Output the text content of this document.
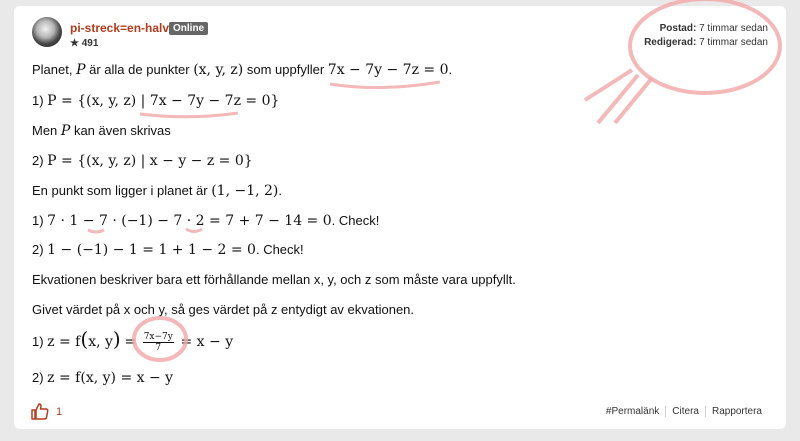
pi-streck=en-halv Online
★ 491
Postad: 7 timmar sedan
Redigerad: 7 timmar sedan
Planet, P är alla de punkter (x, y, z) som uppfyller 7x − 7y − 7z = 0.
1) P = {(x, y, z) | 7x − 7y − 7z = 0}
Men P kan även skrivas
2) P = {(x, y, z) | x − y − z = 0}
En punkt som ligger i planet är (1, −1, 2).
1) 7 · 1 − 7 · (−1) − 7 · 2 = 7 + 7 − 14 = 0. Check!
2) 1 − (−1) − 1 = 1 + 1 − 2 = 0. Check!
Ekvationen beskriver bara ett förhållande mellan x, y, och z som måste vara uppfyllt.
Givet värdet på x och y, så ges värdet på z entydigt av ekvationen.
1) z = f(x, $y) = \frac{7x-7y}{7} = x - y$
2) z = f(x, y) = x − y
1	#Permalänk Citera Rapportera
